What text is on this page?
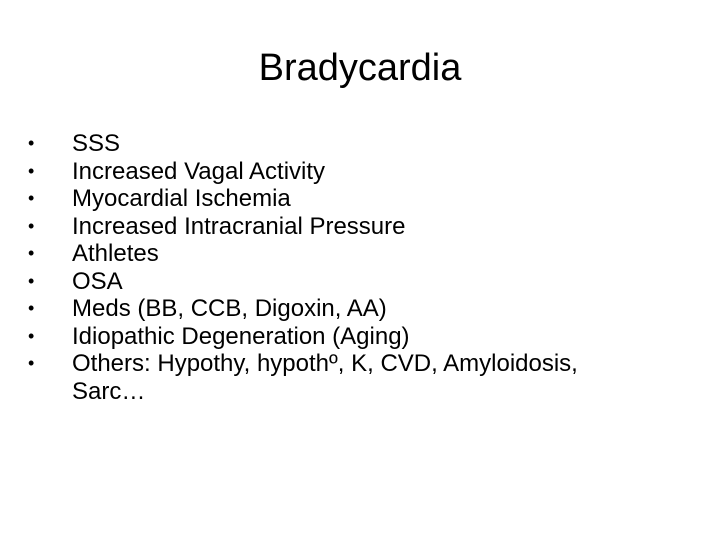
Bradycardia
•	SSS
•	Increased Vagal Activity
•	Myocardial Ischemia
•	Increased Intracranial Pressure
•	Athletes
•	OSA
•	Meds (BB, CCB, Digoxin, AA)
•	Idiopathic Degeneration (Aging)
•	Others: Hypothy, hypothº, K, CVD, Amyloidosis,
Sarc…
